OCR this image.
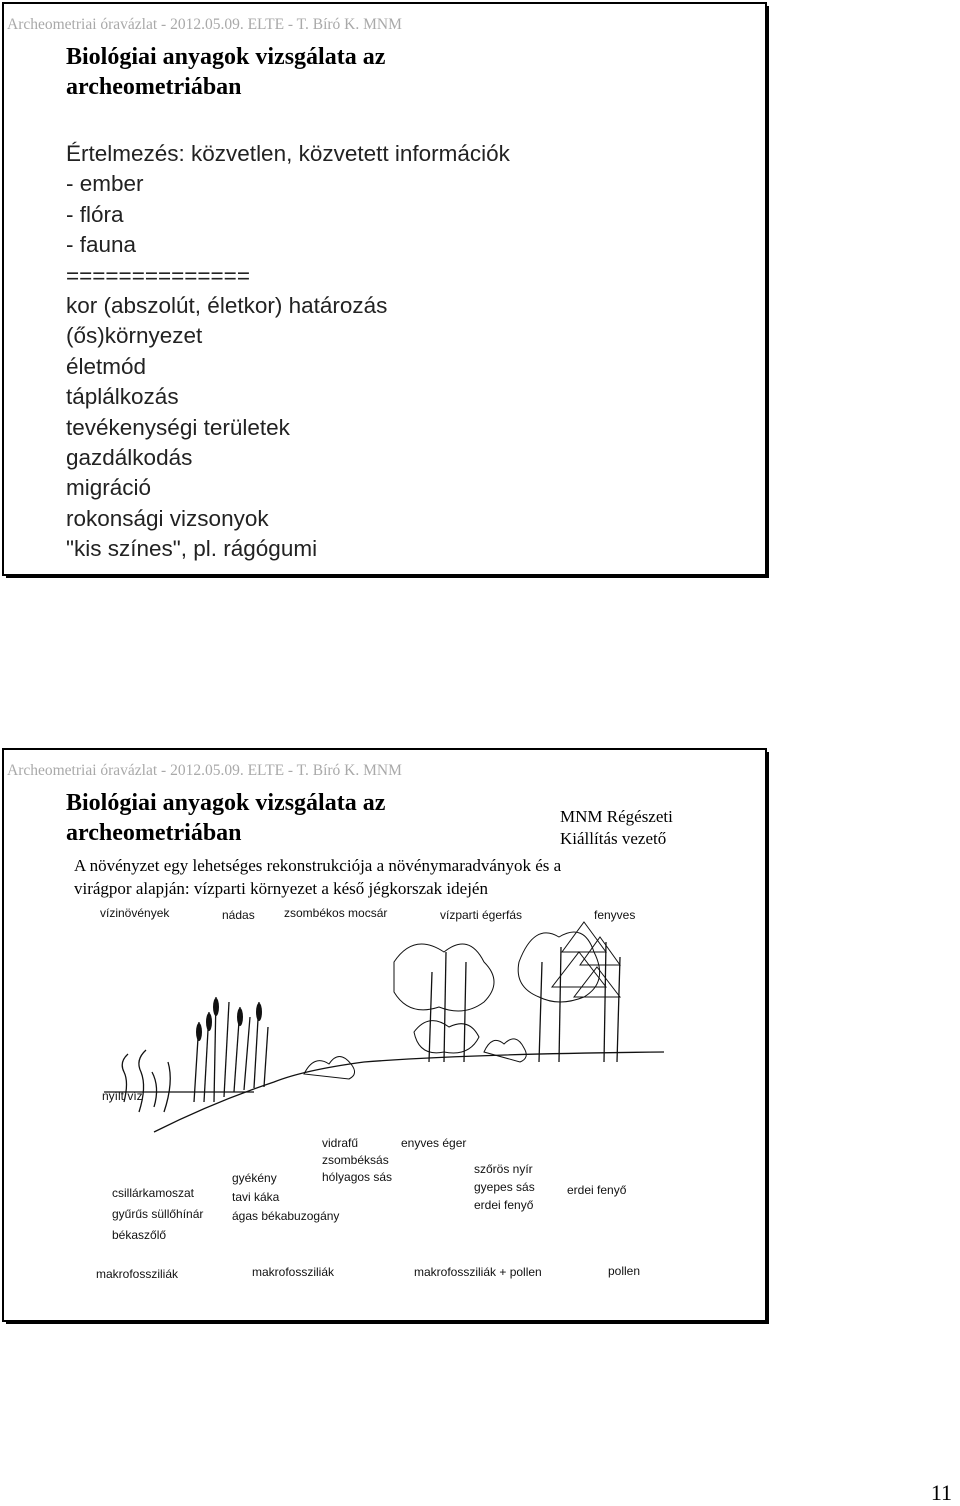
Archeometriai óravázlat - 2012.05.09. ELTE - T. Bíró K. MNM
Biológiai anyagok vizsgálata az
archeometriában
Értelmezés: közvetlen, közvetett információk
- ember
- flóra
- fauna
==============
kor (abszolút, életkor) határozás
(ős)környezet
életmód
táplálkozás
tevékenységi területek
gazdálkodás
migráció
rokonsági vizsonyok
"kis színes", pl. rágógumi
Archeometriai óravázlat - 2012.05.09. ELTE - T. Bíró K. MNM
Biológiai anyagok vizsgálata az
archeometriában
MNM Régészeti
Kiállítás vezető
A növényzet egy lehetséges rekonstrukciója a növénymaradványok és a
virágpor alapján: vízparti környezet a késő jégkorszak idején
vízinövények	nádas zsombékos mocsár	vízparti égerfás	fenyves
nyílt víz
csillárkamoszat
gyűrűs süllőhínár
békaszőlő
gyékény
tavi káka
ágas békabuzogány
vidrafű
zsombéksás
hólyagos sás
enyves éger
szőrös nyír
gyepes sás
erdei fenyő
erdei fenyő
makrofossziliák	makrofossziliák	makrofossziliák + pollen	pollen
11
